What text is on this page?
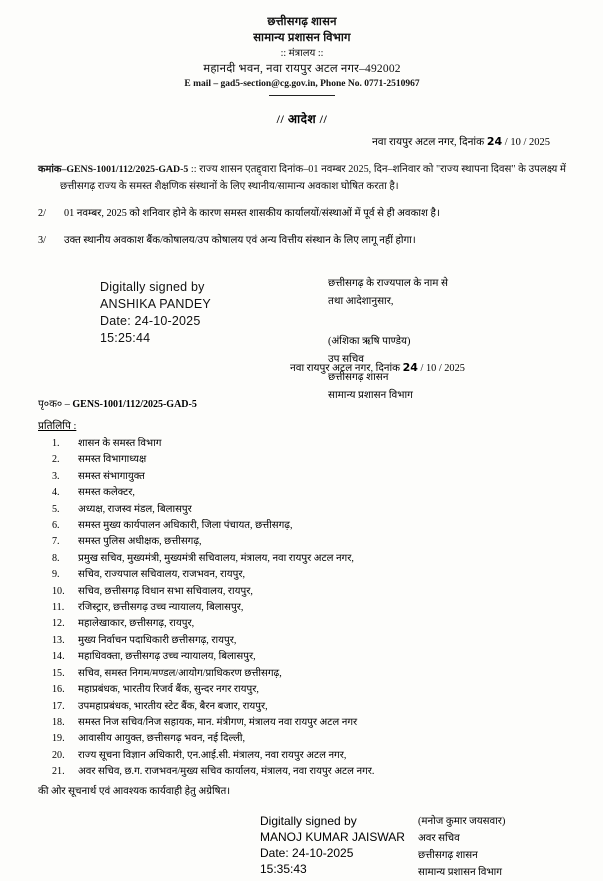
छत्तीसगढ़ शासन
सामान्य प्रशासन विभाग
:: मंत्रालय ::
महानदी भवन, नवा रायपुर अटल नगर–492002
E mail – gad5-section@cg.gov.in, Phone No. 0771-2510967
// आदेश //
नवा रायपुर अटल नगर, दिनांक 24 / 10 / 2025
कमांक–GENS-1001/112/2025-GAD-5 :: राज्य शासन एतद्द्वारा दिनांक–01 नवम्बर 2025, दिन–शनिवार को "राज्य स्थापना दिवस" के उपलक्ष्य में छत्तीसगढ़ राज्य के समस्त शैक्षणिक संस्थानों के लिए स्थानीय/सामान्य अवकाश घोषित करता है।
2/	01 नवम्बर, 2025 को शनिवार होने के कारण समस्त शासकीय कार्यालयों/संस्थाओं में पूर्व से ही अवकाश है।
3/	उक्त स्थानीय अवकाश बैंक/कोषालय/उप कोषालय एवं अन्य वित्तीय संस्थान के लिए लागू नहीं होगा।
Digitally signed by
ANSHIKA PANDEY
Date: 24-10-2025
15:25:44
छत्तीसगढ़ के राज्यपाल के नाम से
तथा आदेशानुसार,
(अंशिका ऋषि पाण्डेय)
उप सचिव
छत्तीसगढ़ शासन
सामान्य प्रशासन विभाग
पृ०क० – GENS-1001/112/2025-GAD-5
नवा रायपुर अटल नगर, दिनांक 24 / 10 / 2025
प्रतिलिपि :
1.	शासन के समस्त विभाग
2.	समस्त विभागाध्यक्ष
3.	समस्त संभागायुक्त
4.	समस्त कलेक्टर,
5.	अध्यक्ष, राजस्व मंडल, बिलासपुर
6.	समस्त मुख्य कार्यपालन अधिकारी, जिला पंचायत, छत्तीसगढ़,
7.	समस्त पुलिस अधीक्षक, छत्तीसगढ़,
8.	प्रमुख सचिव, मुख्यमंत्री, मुख्यमंत्री सचिवालय, मंत्रालय, नवा रायपुर अटल नगर,
9.	सचिव, राज्यपाल सचिवालय, राजभवन, रायपुर,
10.	सचिव, छत्तीसगढ़ विधान सभा सचिवालय, रायपुर,
11.	रजिस्ट्रार, छत्तीसगढ़ उच्च न्यायालय, बिलासपुर,
12.	महालेखाकार, छत्तीसगढ़, रायपुर,
13.	मुख्य निर्वाचन पदाधिकारी छत्तीसगढ़, रायपुर,
14.	महाधिवक्ता, छत्तीसगढ़ उच्च न्यायालय, बिलासपुर,
15.	सचिव, समस्त निगम/मण्डल/आयोग/प्राधिकरण छत्तीसगढ़,
16.	महाप्रबंधक, भारतीय रिजर्व बैंक, सुन्दर नगर रायपुर,
17.	उपमहाप्रबंधक, भारतीय स्टेट बैंक, बैरन बजार, रायपुर,
18.	समस्त निज सचिव/निज सहायक, मान. मंत्रीगण, मंत्रालय नवा रायपुर अटल नगर
19.	आवासीय आयुक्त, छत्तीसगढ़ भवन, नई दिल्ली,
20.	राज्य सूचना विज्ञान अधिकारी, एन.आई.सी. मंत्रालय, नवा रायपुर अटल नगर,
21.	अवर सचिव, छ.ग. राजभवन/मुख्य सचिव कार्यालय, मंत्रालय, नवा रायपुर अटल नगर.
की ओर सूचनार्थ एवं आवश्यक कार्यवाही हेतु अग्रेषित।
Digitally signed by
MANOJ KUMAR JAISWAR
Date: 24-10-2025
15:35:43
(मनोज कुमार जयसवार)
अवर सचिव
छत्तीसगढ़ शासन
सामान्य प्रशासन विभाग
